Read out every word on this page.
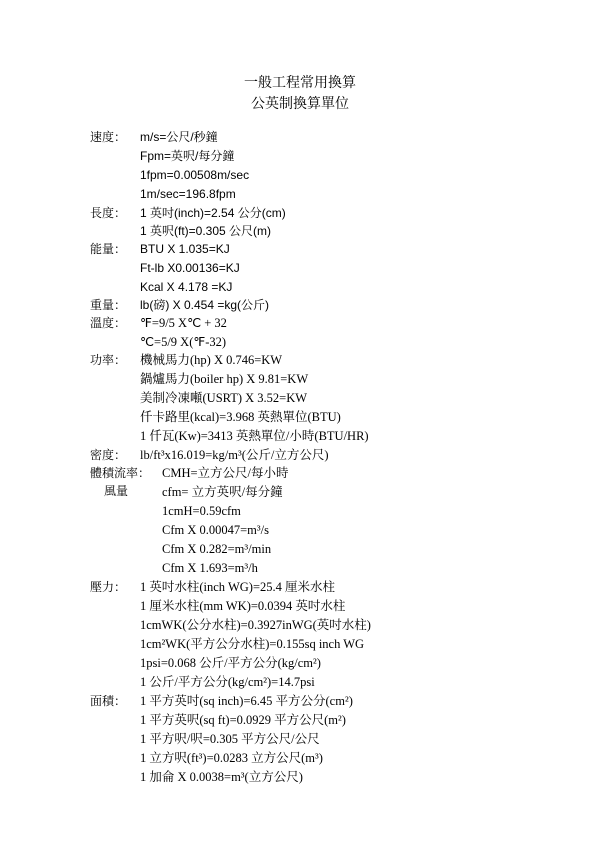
一般工程常用換算
公英制換算單位
速度： m/s=公尺/秒鐘
Fpm=英呎/每分鐘
1fpm=0.00508m/sec
1m/sec=196.8fpm
長度： 1 英吋(inch)=2.54 公分(cm)
1 英呎(ft)=0.305 公尺(m)
能量： BTU X 1.035=KJ
Ft-lb X0.00136=KJ
Kcal X 4.178 =KJ
重量： lb(磅) X 0.454 =kg(公斤)
溫度： ℉=9/5 X℃ + 32
℃=5/9 X(℉-32)
功率： 機械馬力(hp) X 0.746=KW
鍋爐馬力(boiler hp) X 9.81=KW
美制冷凍噸(USRT) X 3.52=KW
仟卡路里(kcal)=3.968 英熱單位(BTU)
1 仟瓦(Kw)=3413 英熱單位/小時(BTU/HR)
密度： lb/ft³x16.019=kg/m³(公斤/立方公尺)
體積流率：
風量
CMH=立方公尺/每小時
cfm= 立方英呎/每分鐘
1cmH=0.59cfm
Cfm X 0.00047=m³/s
Cfm X 0.282=m³/min
Cfm X 1.693=m³/h
壓力： 1 英吋水柱(inch WG)=25.4 厘米水柱
1 厘米水柱(mm WK)=0.0394 英吋水柱
1cmWK(公分水柱)=0.3927inWG(英吋水柱)
1cm²WK(平方公分水柱)=0.155sq inch WG
1psi=0.068 公斤/平方公分(kg/cm²)
1 公斤/平方公分(kg/cm²)=14.7psi
面積： 1 平方英吋(sq inch)=6.45 平方公分(cm²)
1 平方英呎(sq ft)=0.0929 平方公尺(m²)
1 平方呎/呎=0.305 平方公尺/公尺
1 立方呎(ft³)=0.0283 立方公尺(m³)
1 加侖 X 0.0038=m³(立方公尺)
